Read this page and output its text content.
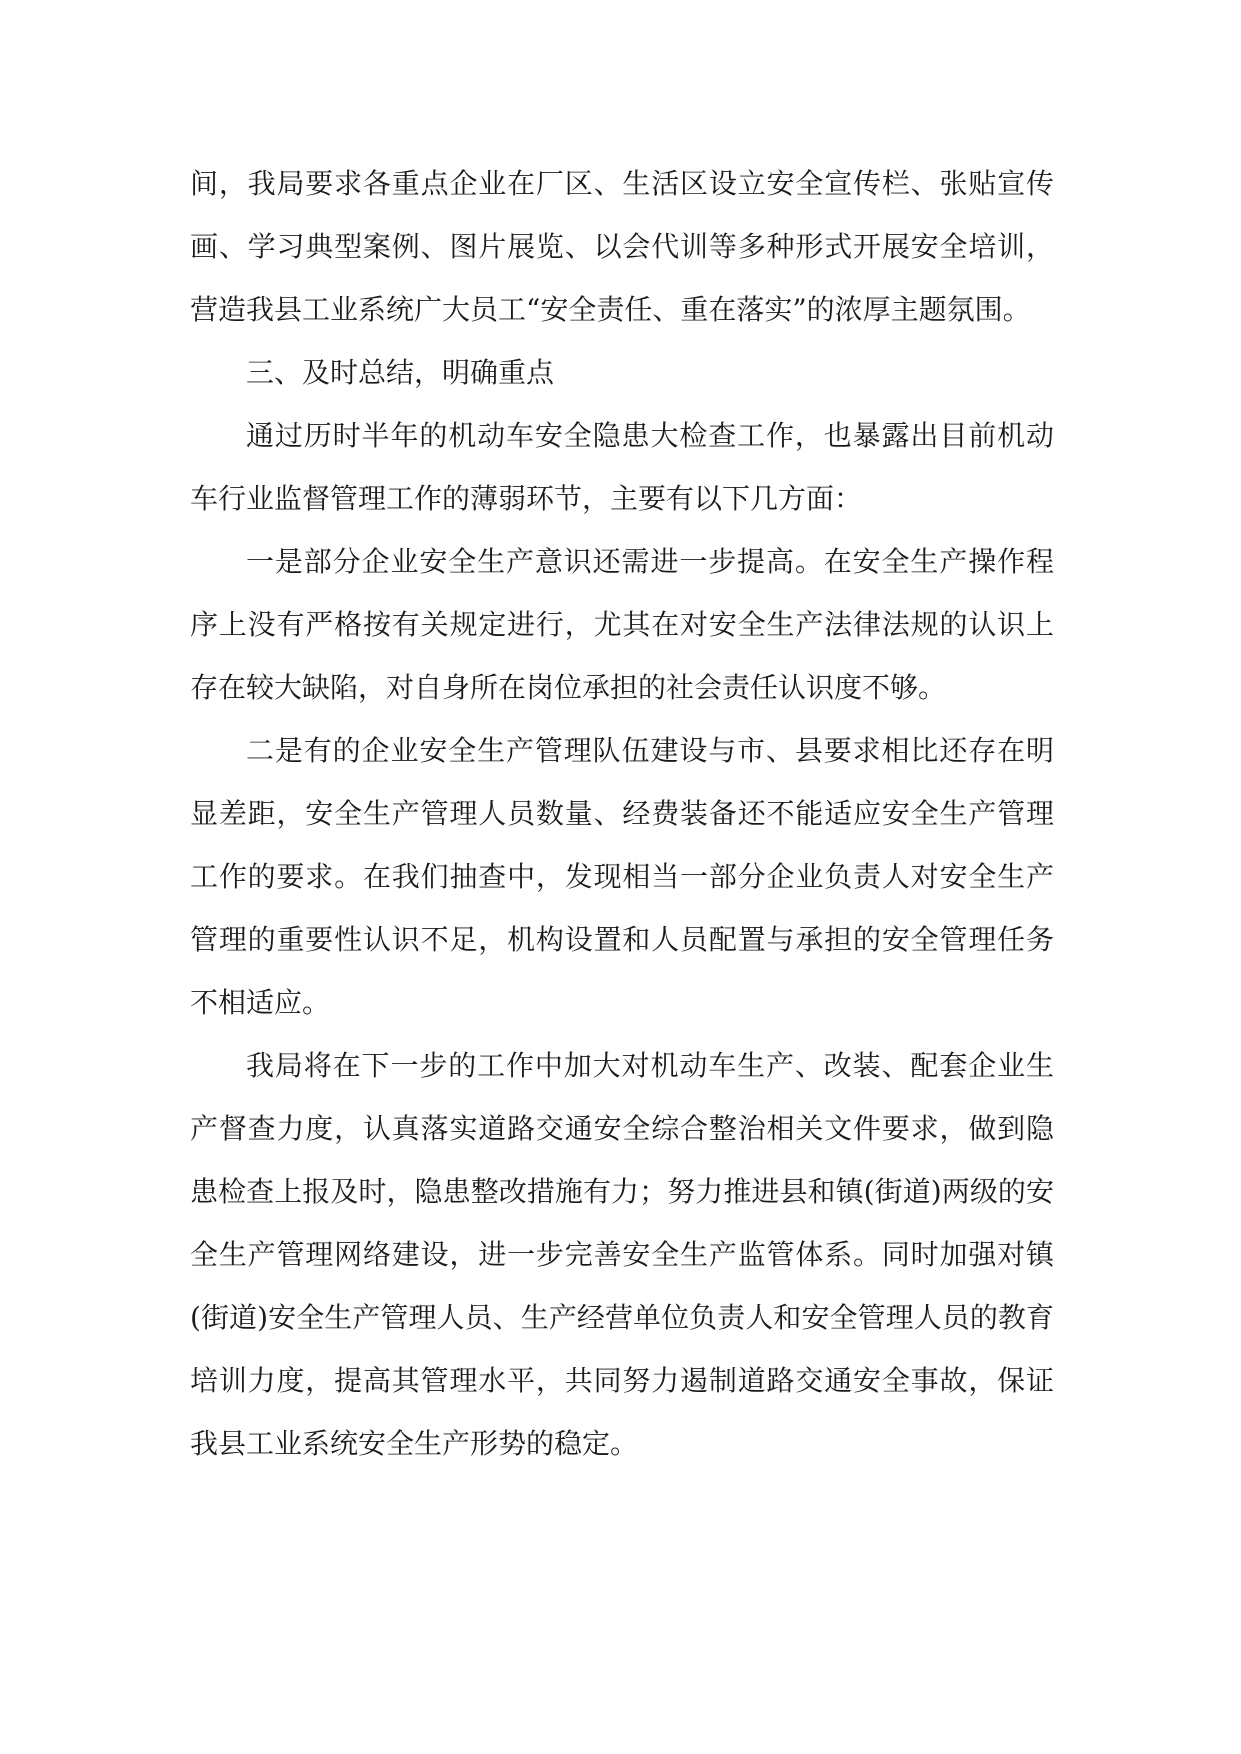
间，我局要求各重点企业在厂区、生活区设立安全宣传栏、张贴宣传画、学习典型案例、图片展览、以会代训等多种形式开展安全培训，营造我县工业系统广大员工“安全责任、重在落实”的浓厚主题氛围。

三、及时总结，明确重点

通过历时半年的机动车安全隐患大检查工作，也暴露出目前机动车行业监督管理工作的薄弱环节，主要有以下几方面：

一是部分企业安全生产意识还需进一步提高。在安全生产操作程序上没有严格按有关规定进行，尤其在对安全生产法律法规的认识上存在较大缺陷，对自身所在岗位承担的社会责任认识度不够。

二是有的企业安全生产管理队伍建设与市、县要求相比还存在明显差距，安全生产管理人员数量、经费装备还不能适应安全生产管理工作的要求。在我们抽查中，发现相当一部分企业负责人对安全生产管理的重要性认识不足，机构设置和人员配置与承担的安全管理任务不相适应。

我局将在下一步的工作中加大对机动车生产、改装、配套企业生产督查力度，认真落实道路交通安全综合整治相关文件要求，做到隐患检查上报及时，隐患整改措施有力；努力推进县和镇(街道)两级的安全生产管理网络建设，进一步完善安全生产监管体系。同时加强对镇(街道)安全生产管理人员、生产经营单位负责人和安全管理人员的教育培训力度，提高其管理水平，共同努力遏制道路交通安全事故，保证我县工业系统安全生产形势的稳定。
